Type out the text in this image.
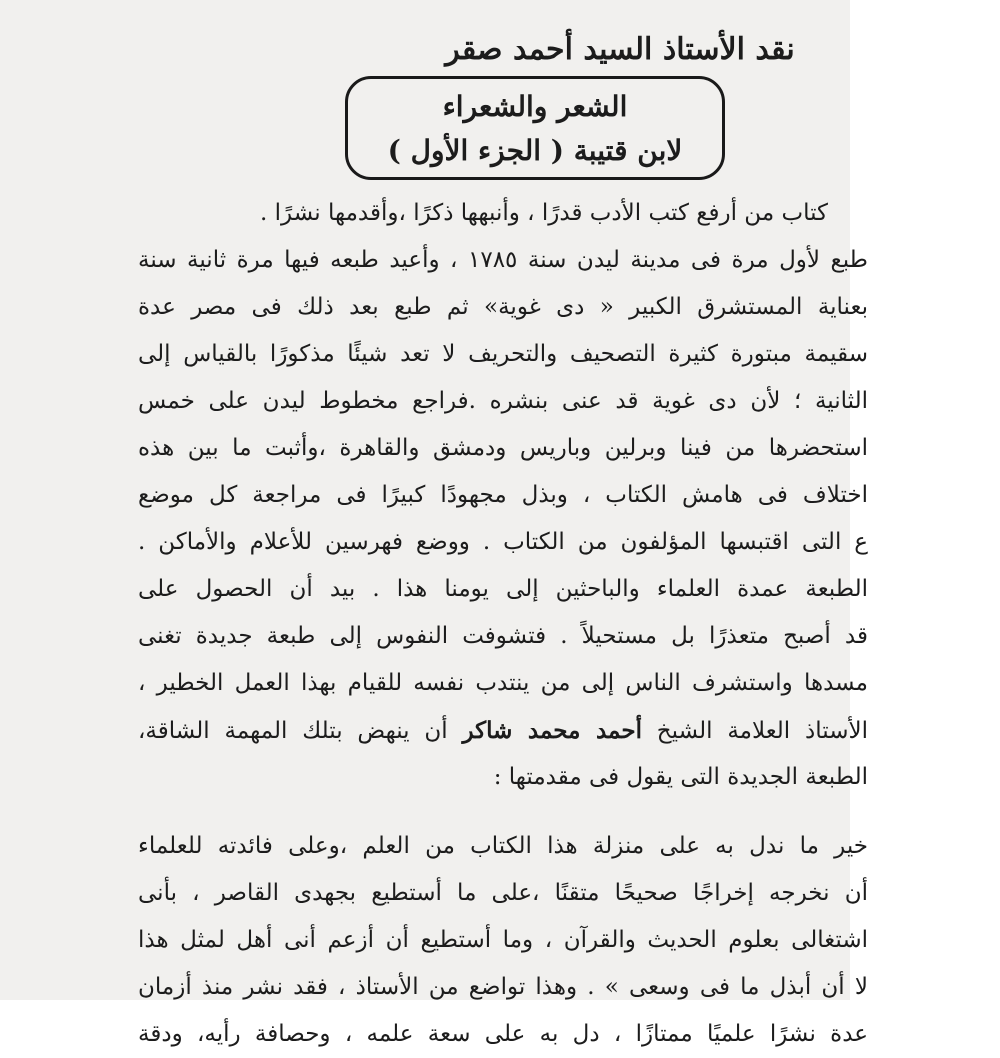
نقد الأستاذ السيد أحمد صقر
الشعر والشعراء
لابن قتيبة ( الجزء الأول )
كتاب من أرفع كتب الأدب قدرًا ، وأنبهها ذكرًا ،وأقدمها نشرًا .
طبع لأول مرة فى مدينة ليدن سنة ١٧٨٥ ، وأعيد طبعه فيها مرة ثانية سنة
بعناية المستشرق الكبير « دى غوية» ثم طبع بعد ذلك فى مصر عدة
سقيمة مبتورة كثيرة التصحيف والتحريف لا تعد شيئًا مذكورًا بالقياس إلى
الثانية ؛ لأن دى غوية قد عنى بنشره .فراجع مخطوط ليدن على خمس
استحضرها من فينا وبرلين وباريس ودمشق والقاهرة ،وأثبت ما بين هذه
اختلاف فى هامش الكتاب ، وبذل مجهودًا كبيرًا فى مراجعة كل موضع
ع التى اقتبسها المؤلفون من الكتاب . ووضع فهرسين للأعلام والأماكن .
الطبعة عمدة العلماء والباحثين إلى يومنا هذا . بيد أن الحصول على
قد أصبح متعذرًا بل مستحيلاً . فتشوفت النفوس إلى طبعة جديدة تغنى
مسدها واستشرف الناس إلى من ينتدب نفسه للقيام بهذا العمل الخطير ،
الأستاذ العلامة الشيخ أحمد محمد شاكر أن ينهض بتلك المهمة الشاقة،
الطبعة الجديدة التى يقول فى مقدمتها :
خير ما ندل به على منزلة هذا الكتاب من العلم ،وعلى فائدته للعلماء
أن نخرجه إخراجًا صحيحًا متقنًا ،على ما أستطيع بجهدى القاصر ، بأنى
اشتغالى بعلوم الحديث والقرآن ، وما أستطيع أن أزعم أنى أهل لمثل هذا
لا أن أبذل ما فى وسعى » . وهذا تواضع من الأستاذ ، فقد نشر منذ أزمان
عدة نشرًا علميًا ممتازًا ، دل به على سعة علمه ، وحصافة رأيه، ودقة
